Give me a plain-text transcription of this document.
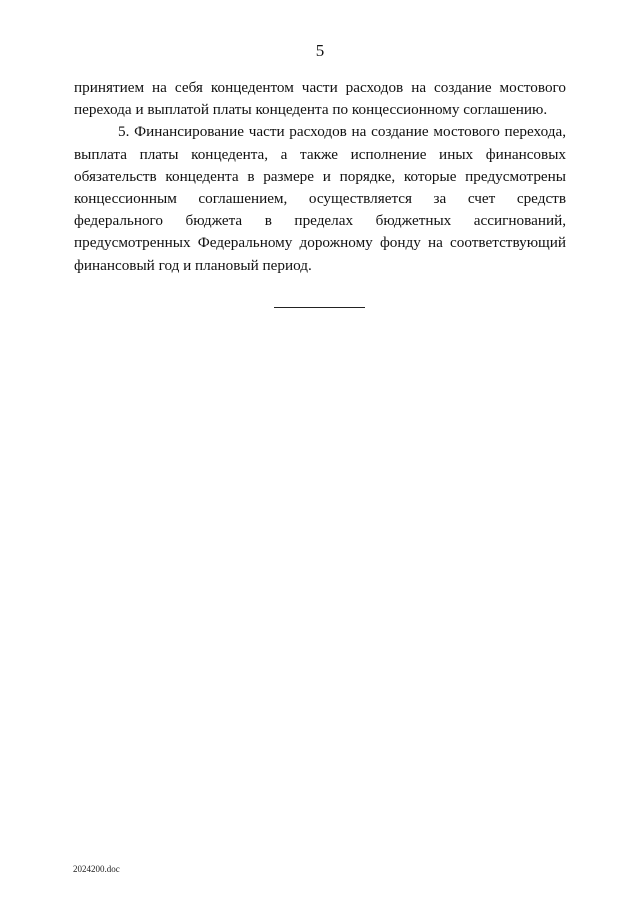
5

принятием на себя концедентом части расходов на создание мостового
перехода и выплатой платы концедента по концессионному соглашению.

5. Финансирование части расходов на создание мостового перехода,
выплата платы концедента, а также исполнение иных финансовых
обязательств концедента в размере и порядке, которые предусмотрены
концессионным соглашением, осуществляется за счет средств
федерального бюджета в пределах бюджетных ассигнований,
предусмотренных Федеральному дорожному фонду на соответствующий
финансовый год и плановый период.

2024200.doc
